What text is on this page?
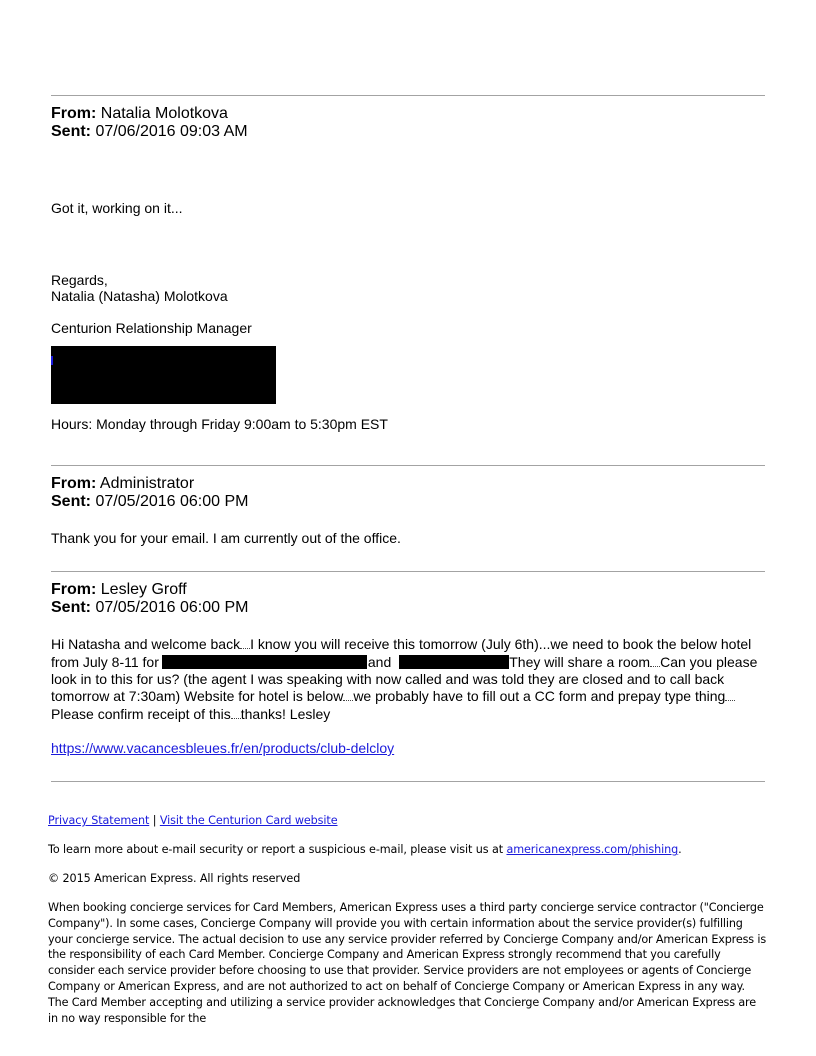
From: Natalia Molotkova
Sent: 07/06/2016 09:03 AM
Got it, working on it...
Regards,
Natalia (Natasha) Molotkova
Centurion Relationship Manager
Hours: Monday through Friday 9:00am to 5:30pm EST
From: Administrator
Sent: 07/05/2016 06:00 PM
Thank you for your email. I am currently out of the office.
From: Lesley Groff
Sent: 07/05/2016 06:00 PM
Hi Natasha and welcome back I know you will receive this tomorrow (July 6th)...we need to book the below hotel
from July 8-11 for	and	They will share a room Can you please
look in to this for us? (the agent I was speaking with now called and was told they are closed and to call back
tomorrow at 7:30am) Website for hotel is below we probably have to fill out a CC form and prepay type thing
Please confirm receipt of this thanks! Lesley
https://www.vacancesbleues.fr/en/products/club-delcloy
Privacy Statement | Visit the Centurion Card website
To learn more about e-mail security or report a suspicious e-mail, please visit us at americanexpress.com/phishing.
© 2015 American Express. All rights reserved
When booking concierge services for Card Members, American Express uses a third party concierge service contractor ("Concierge Company"). In some cases, Concierge Company will provide you with certain information about the service provider(s) fulfilling your concierge service. The actual decision to use any service provider referred by Concierge Company and/or American Express is the responsibility of each Card Member. Concierge Company and American Express strongly recommend that you carefully consider each service provider before choosing to use that provider. Service providers are not employees or agents of Concierge Company or American Express, and are not authorized to act on behalf of Concierge Company or American Express in any way. The Card Member accepting and utilizing a service provider acknowledges that Concierge Company and/or American Express are in no way responsible for the
